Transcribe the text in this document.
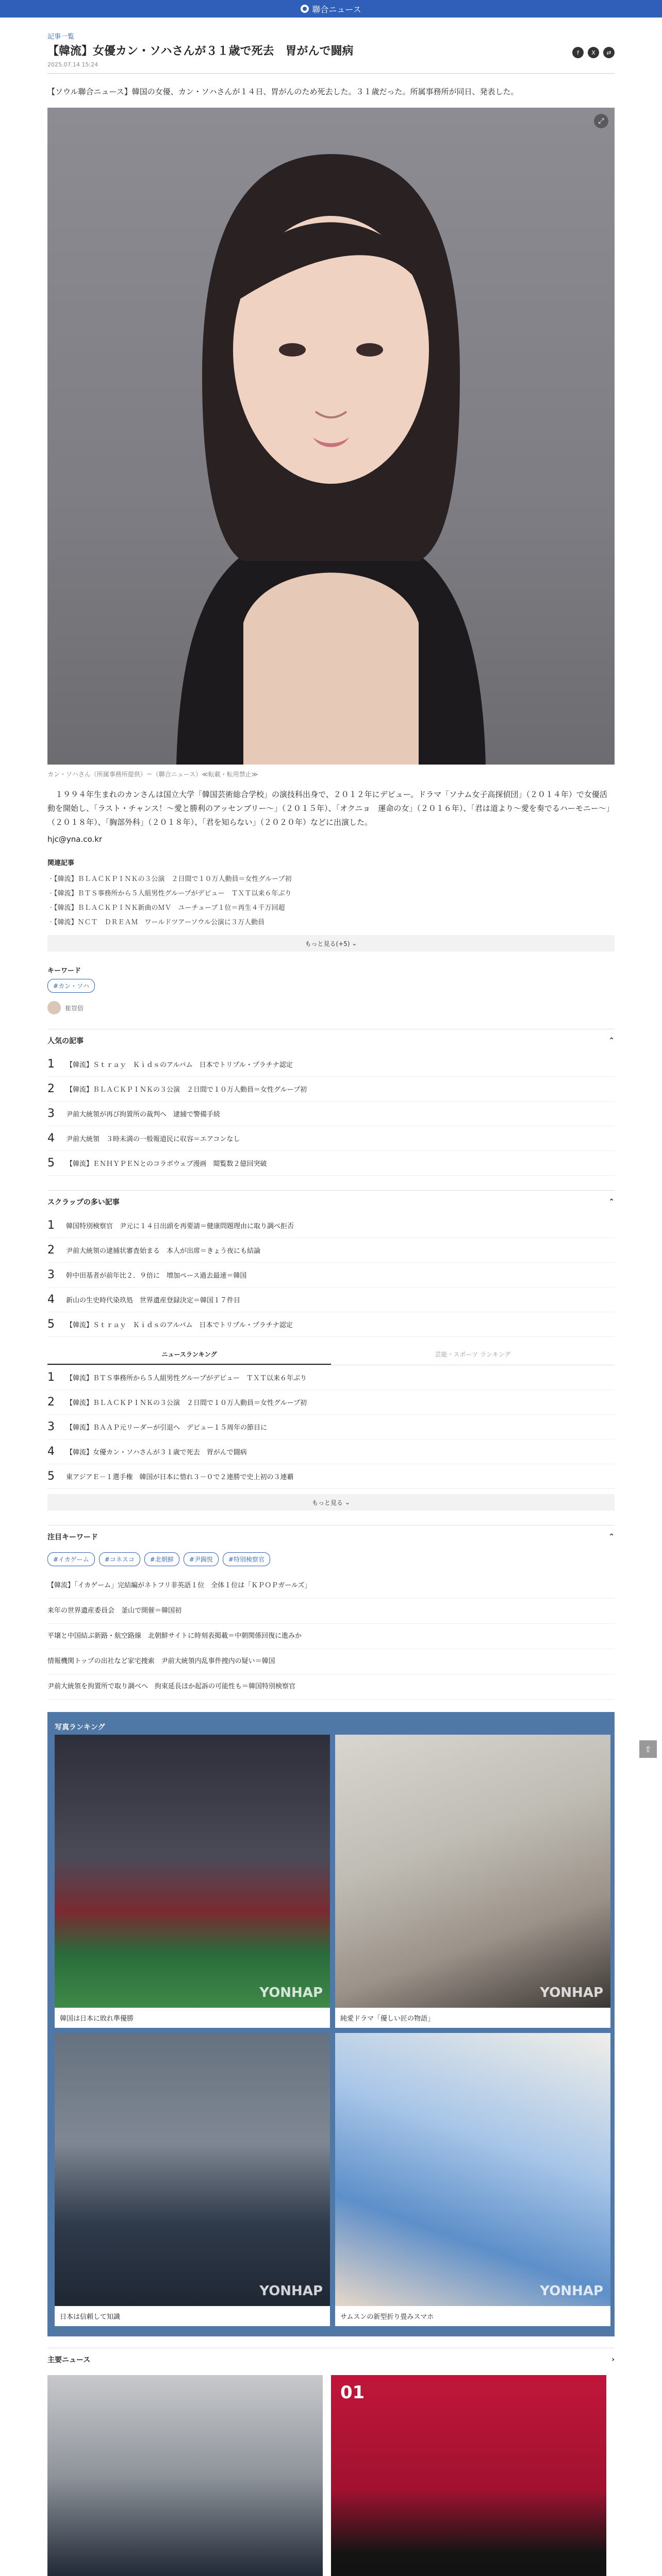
聯合ニュース
記事一覧
【韓流】女優カン・ソハさんが３１歳で死去　胃がんで闘病
2025.07.14 15:24
f	X	⇄

【ソウル聯合ニュース】韓国の女優、カン・ソハさんが１４日、胃がんのため死去した。３１歳だった。所属事務所が同日、発表した。

⤢
カン・ソハさん（所属事務所提供）＝（聯合ニュース）≪転載・転用禁止≫

　１９９４年生まれのカンさんは国立大学「韓国芸術総合学校」の演技科出身で、２０１２年にデビュー。ドラマ「ソナム女子高探偵団」（２０１４年）で女優活動を開始し、「ラスト・チャンス！～愛と勝利のアッセンブリー～」（２０１５年）、「オクニョ　運命の女」（２０１６年）、「君は道より～愛を奏でるハーモニー～」（２０１８年）、「胸部外科」（２０１８年）、「君を知らない」（２０２０年）などに出演した。

hjc@yna.co.kr
関連記事
・ 【韓流】ＢＬＡＣＫＰＩＮＫの３公演　２日間で１０万人動員＝女性グループ初
・ 【韓流】ＢＴＳ事務所から５人組男性グループがデビュー　ＴＸＴ以来６年ぶり
・ 【韓流】ＢＬＡＣＫＰＩＮＫ新曲のＭＶ　ユーチューブ１位＝再生４千万回超
・ 【韓流】ＮＣＴ　ＤＲＥＡＭ　ワールドツアーソウル公演に３万人動員
もっと見る(+5) ⌄
キーワード
#カン・ソハ
崔豈倍
人気の記事	⌃
1	【韓流】Ｓｔｒａｙ　Ｋｉｄｓのアルバム　日本でトリプル・プラチナ認定
2	【韓流】ＢＬＡＣＫＰＩＮＫの３公演　２日間で１０万人動員＝女性グループ初
3	尹前大統領が再び拘置所の裁判へ　逮捕で警備手続
4	尹前大統領　３時未満の一般報道民に収容＝エアコンなし
5	【韓流】ＥＮＨＹＰＥＮとのコラボウェブ漫画　閲覧数２億回突破
スクラップの多い記事	⌃
1	韓国特別検察官　尹元に１４日出頭を再要請＝健康問題理由に取り調べ拒否
2	尹前大統領の逮捕状審査始まる　本人が出席＝きょう夜にも結論
3	幹中田基者が前年比２．９倍に　増加ペース過去最速＝韓国
4	新山の生史時代染玖処　世界遺産登録決定＝韓国１７件目
5	【韓流】Ｓｔｒａｙ　Ｋｉｄｓのアルバム　日本でトリプル・プラチナ認定
ニュースランキング	芸能・スポーツ ランキング
1	【韓流】ＢＴＳ事務所から５人組男性グループがデビュー　ＴＸＴ以来６年ぶり
2	【韓流】ＢＬＡＣＫＰＩＮＫの３公演　２日間で１０万人動員＝女性グループ初
3	【韓流】ＢＡＡＰ元リーダーが引退へ　デビュー１５周年の節目に
4	【韓流】女優カン・ソハさんが３１歳で死去　胃がんで闘病
5	東アジアＥ－１選手権　韓国が日本に惜れ３－０で２連勝で史上初の３連覇
もっと見る ⌄
注目キーワード	⌃
#イカゲーム	#コネスコ	#北朝鮮	#尹錫悦	#特別検察官
【韓流】「イカゲーム」完結編がネトフリ非英語１位　全体１位は「ＫＰＯＰガールズ」
来年の世界遺産委員会　釜山で開催＝韓国初
平壌と中国結ぶ新路・航空路線　北朝鮮サイトに時刻表掲載＝中朝関係回復に進みか
情報機関トップの出社など家宅捜索　尹前大統領内乱事件捜内の疑い＝韓国
尹前大統領を拘置所で取り調べへ　拘束延長ほか起訴の可能性も＝韓国特別検察官
写真ランキング
YONHAP
韓国は日本に敗れ準優勝
YONHAP
純愛ドラマ「優しい匠の物語」
YONHAP
日本は信頼して知識
YONHAP
サムスンの新型折り畳みスマホ
主要ニュース	›
01

⇧
